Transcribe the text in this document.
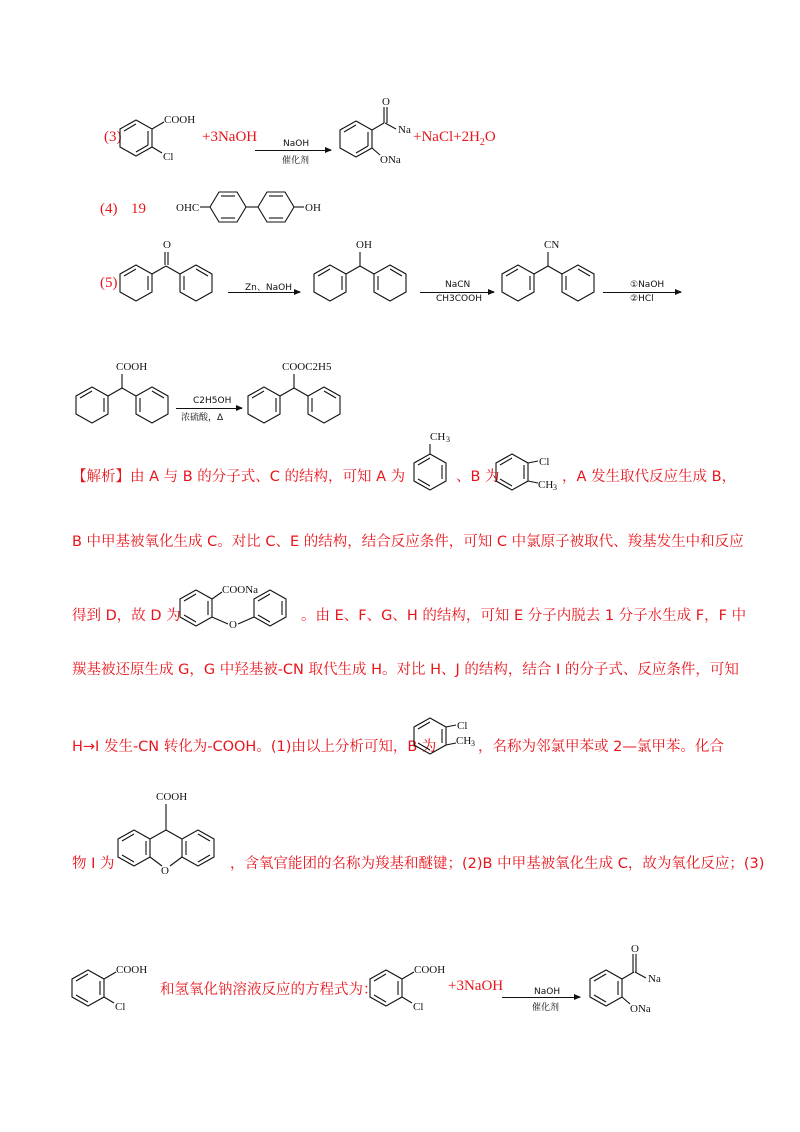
(3)
COOH
Cl
+3NaOH	NaOH
催化剂
O
Na
ONa
$+NaCl+2H_2O$
(4) 19	OHC	OH
(5)
O
Zn、NaOH
OH
NaCN
CH3COOH
CN
①NaOH
②HCl
COOH
C2H5OH
浓硫酸，Δ
COOC2H5
【解析】由 A 与 B 的分子式、C 的结构，可知 A 为
CH 3
、B 为
Cl
CH 3
，A 发生取代反应生成 B，
B 中甲基被氧化生成 C。对比 C、E 的结构，结合反应条件，可知 C 中氯原子被取代、羧基发生中和反应
得到 D，故 D 为
COONa
O
。由 E、F、G、H 的结构，可知 E 分子内脱去 1 分子水生成 F，F 中
羰基被还原生成 G，G 中羟基被-CN 取代生成 H。对比 H、J 的结构，结合 I 的分子式、反应条件，可知
H→I 发生-CN 转化为-COOH。(1)由以上分析可知，B 为
Cl
CH 3 ，名称为邻氯甲苯或 2—氯甲苯。化合
物 I 为
COOH
O	，含氧官能团的名称为羧基和醚键；(2)B 中甲基被氧化生成 C，故为氧化反应；(3)
COOH
Cl
和氢氧化钠溶液反应的方程式为：
COOH
Cl
+3NaOH	NaOH
催化剂
O
Na
ONa
